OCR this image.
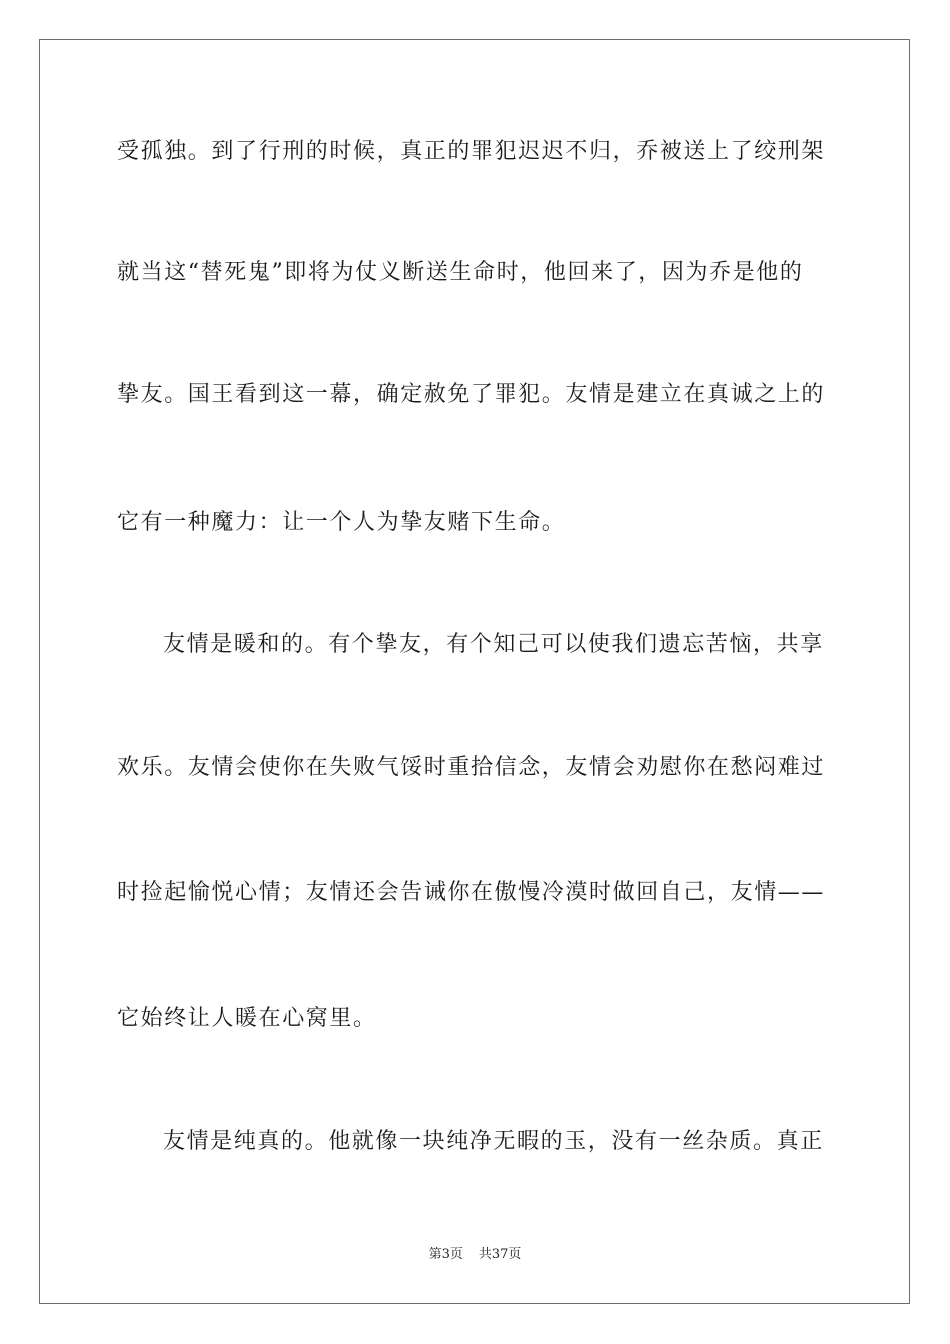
受孤独。到了行刑的时候，真正的罪犯迟迟不归，乔被送上了绞刑架
就当这“替死鬼”即将为仗义断送生命时，他回来了，因为乔是他的
挚友。国王看到这一幕，确定赦免了罪犯。友情是建立在真诚之上的
它有一种魔力：让一个人为挚友赌下生命。
友情是暖和的。有个挚友，有个知己可以使我们遗忘苦恼，共享
欢乐。友情会使你在失败气馁时重拾信念，友情会劝慰你在愁闷难过
时捡起愉悦心情；友情还会告诫你在傲慢冷漠时做回自己，友情——
它始终让人暖在心窝里。
友情是纯真的。他就像一块纯净无暇的玉，没有一丝杂质。真正
第3页 共37页
